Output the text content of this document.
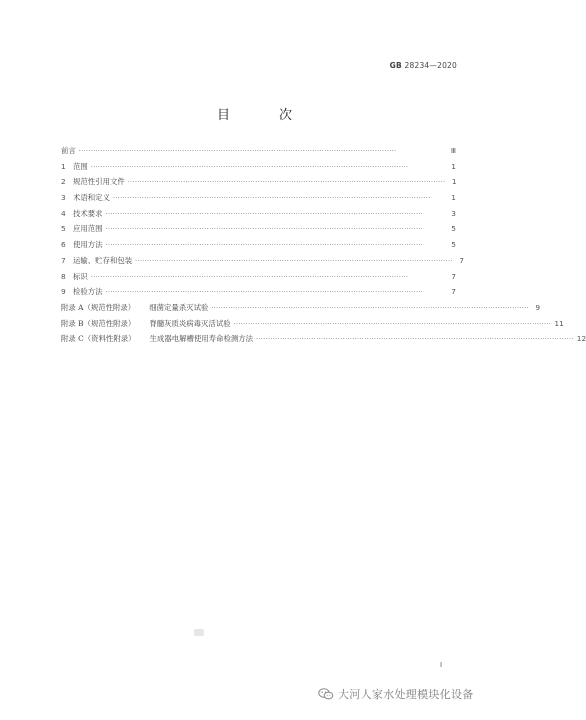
GB 28234—2020
目　次
前言 ····································································································································	Ⅲ
1 范围 ····································································································································	1
2 规范性引用文件 ···································································································································· 1
3 术语和定义 ····································································································································	1
4 技术要求 ····································································································································	3
5 应用范围 ····································································································································	5
6 使用方法 ····································································································································	5
7 运输、贮存和包装 ···································································································································· 7
8 标识 ····································································································································	7
9 检验方法 ····································································································································	7
附录 A（规范性附录） 细菌定量杀灭试验 ···································································································································· 9
附录 B（规范性附录） 脊髓灰质炎病毒灭活试验 ···································································································································· 11
附录 C（资料性附录） 生成器电解槽使用寿命检测方法 ···································································································································· 12
Ⅰ
大河人家水处理模块化设备
